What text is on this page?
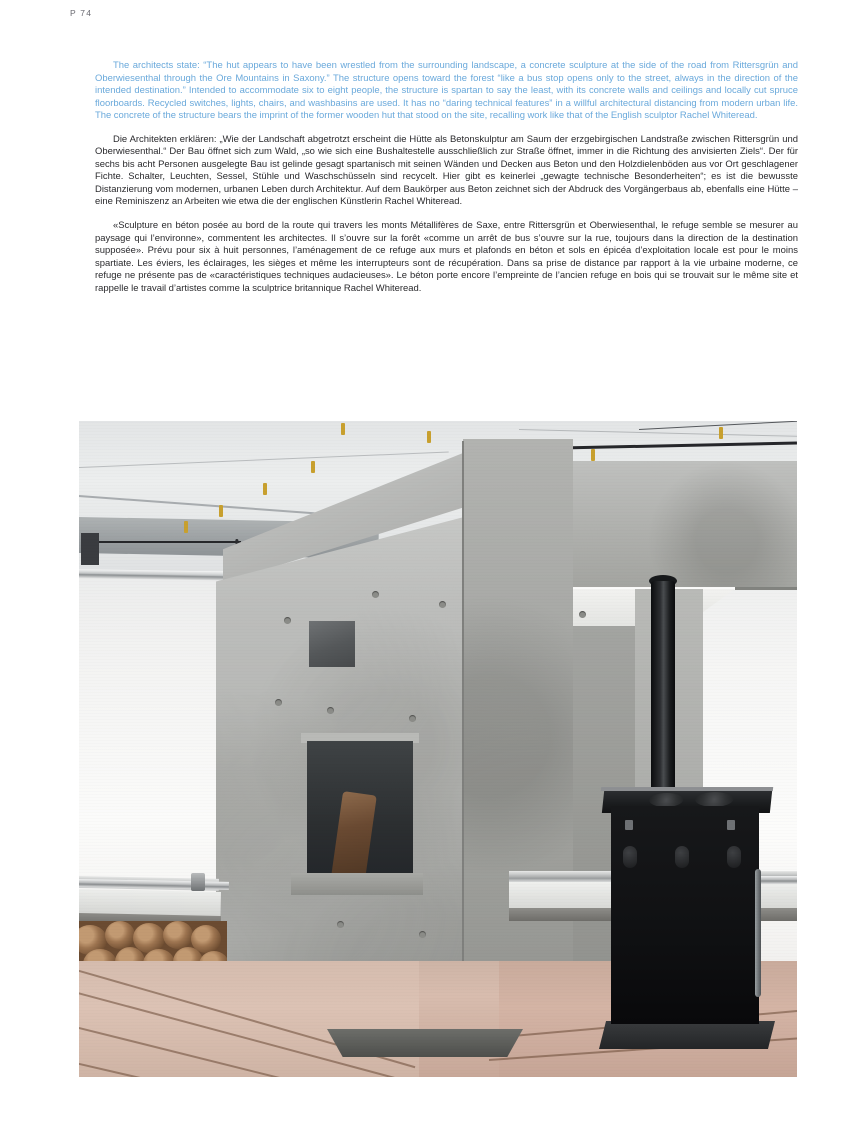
P 74

The architects state: “The hut appears to have been wrestled from the surrounding landscape, a concrete sculpture at the side of the road from Rittersgrün and Oberwiesenthal through the Ore Mountains in Saxony.” The structure opens toward the forest “like a bus stop opens only to the street, always in the direction of the intended destination.” Intended to accommodate six to eight people, the structure is spartan to say the least, with its concrete walls and ceilings and locally cut spruce floorboards. Recycled switches, lights, chairs, and washbasins are used. It has no “daring technical features” in a willful architectural distancing from modern urban life. The concrete of the structure bears the imprint of the former wooden hut that stood on the site, recalling work like that of the English sculptor Rachel Whiteread.

Die Architekten erklären: „Wie der Landschaft abgetrotzt erscheint die Hütte als Betonskulptur am Saum der erzgebirgischen Landstraße zwischen Rittersgrün und Oberwiesenthal.“ Der Bau öffnet sich zum Wald, „so wie sich eine Bushaltestelle ausschließlich zur Straße öffnet, immer in die Richtung des anvisierten Ziels“. Der für sechs bis acht Personen ausgelegte Bau ist gelinde gesagt spartanisch mit seinen Wänden und Decken aus Beton und den Holzdielenböden aus vor Ort geschlagener Fichte. Schalter, Leuchten, Sessel, Stühle und Waschschüsseln sind recycelt. Hier gibt es keinerlei „gewagte technische Besonderheiten“; es ist die bewusste Distanzierung vom modernen, urbanen Leben durch Architektur. Auf dem Baukörper aus Beton zeichnet sich der Abdruck des Vorgängerbaus ab, ebenfalls eine Hütte – eine Reminiszenz an Arbeiten wie etwa die der englischen Künstlerin Rachel Whiteread.

«Sculpture en béton posée au bord de la route qui travers les monts Métallifères de Saxe, entre Rittersgrün et Oberwiesenthal, le refuge semble se mesurer au paysage qui l’environne», commentent les architectes. Il s’ouvre sur la forêt «comme un arrêt de bus s’ouvre sur la rue, toujours dans la direction de la destination supposée». Prévu pour six à huit personnes, l’aménagement de ce refuge aux murs et plafonds en béton et sols en épicéa d’exploitation locale est pour le moins spartiate. Les éviers, les éclairages, les sièges et même les interrupteurs sont de récupération. Dans sa prise de distance par rapport à la vie urbaine moderne, ce refuge ne présente pas de «caractéristiques techniques audacieuses». Le béton porte encore l’empreinte de l’ancien refuge en bois qui se trouvait sur le même site et rappelle le travail d’artistes comme la sculptrice britannique Rachel Whiteread.
